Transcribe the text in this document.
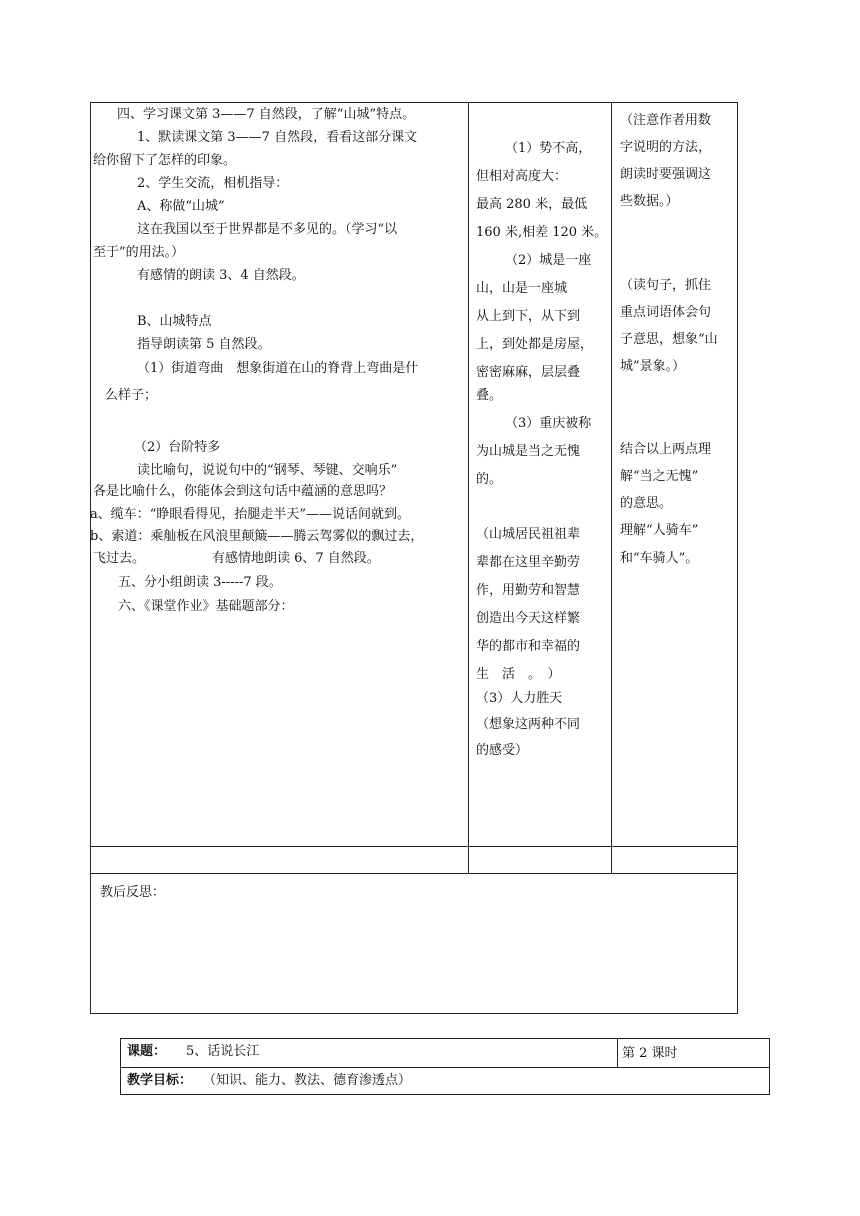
四、学习课文第 3——7 自然段，了解“山城”特点。
1、默读课文第 3——7 自然段，看看这部分课文
给你留下了怎样的印象。
2、学生交流，相机指导：
A、称做“山城”
这在我国以至于世界都是不多见的。（学习“以
至于”的用法。）
有感情的朗读 3、4 自然段。
B、山城特点
指导朗读第 5 自然段。
（1）街道弯曲　想象街道在山的脊背上弯曲是什
么样子；
（2）台阶特多
读比喻句，说说句中的“钢琴、琴键、交响乐”
各是比喻什么，你能体会到这句话中蕴涵的意思吗？
a、缆车：“睁眼看得见，抬腿走半天”——说话间就到。
b、索道：乘舢板在风浪里颠簸——腾云驾雾似的飘过去，
飞过去。	有感情地朗读 6、7 自然段。
五、分小组朗读 3-----7 段。
六、《课堂作业》基础题部分：
（1）势不高，
但相对高度大：
最高 280 米，最低
160 米,相差 120 米。
（2）城是一座
山，山是一座城
从上到下，从下到
上，到处都是房屋，
密密麻麻，层层叠
叠。
（3）重庆被称
为山城是当之无愧
的。
（山城居民祖祖辈
辈都在这里辛勤劳
作，用勤劳和智慧
创造出今天这样繁
华的都市和幸福的
生　活　。　）
（3）人力胜天
（想象这两种不同
的感受）
（注意作者用数
字说明的方法，
朗读时要强调这
些数据。）
（读句子，抓住
重点词语体会句
子意思，想象“山
城”景象。）
结合以上两点理
解“当之无愧”
的意思。
理解“人骑车”
和“车骑人”。
教后反思：
课题： 5、话说长江	第 2 课时
教学目标： （知识、能力、教法、德育渗透点）
